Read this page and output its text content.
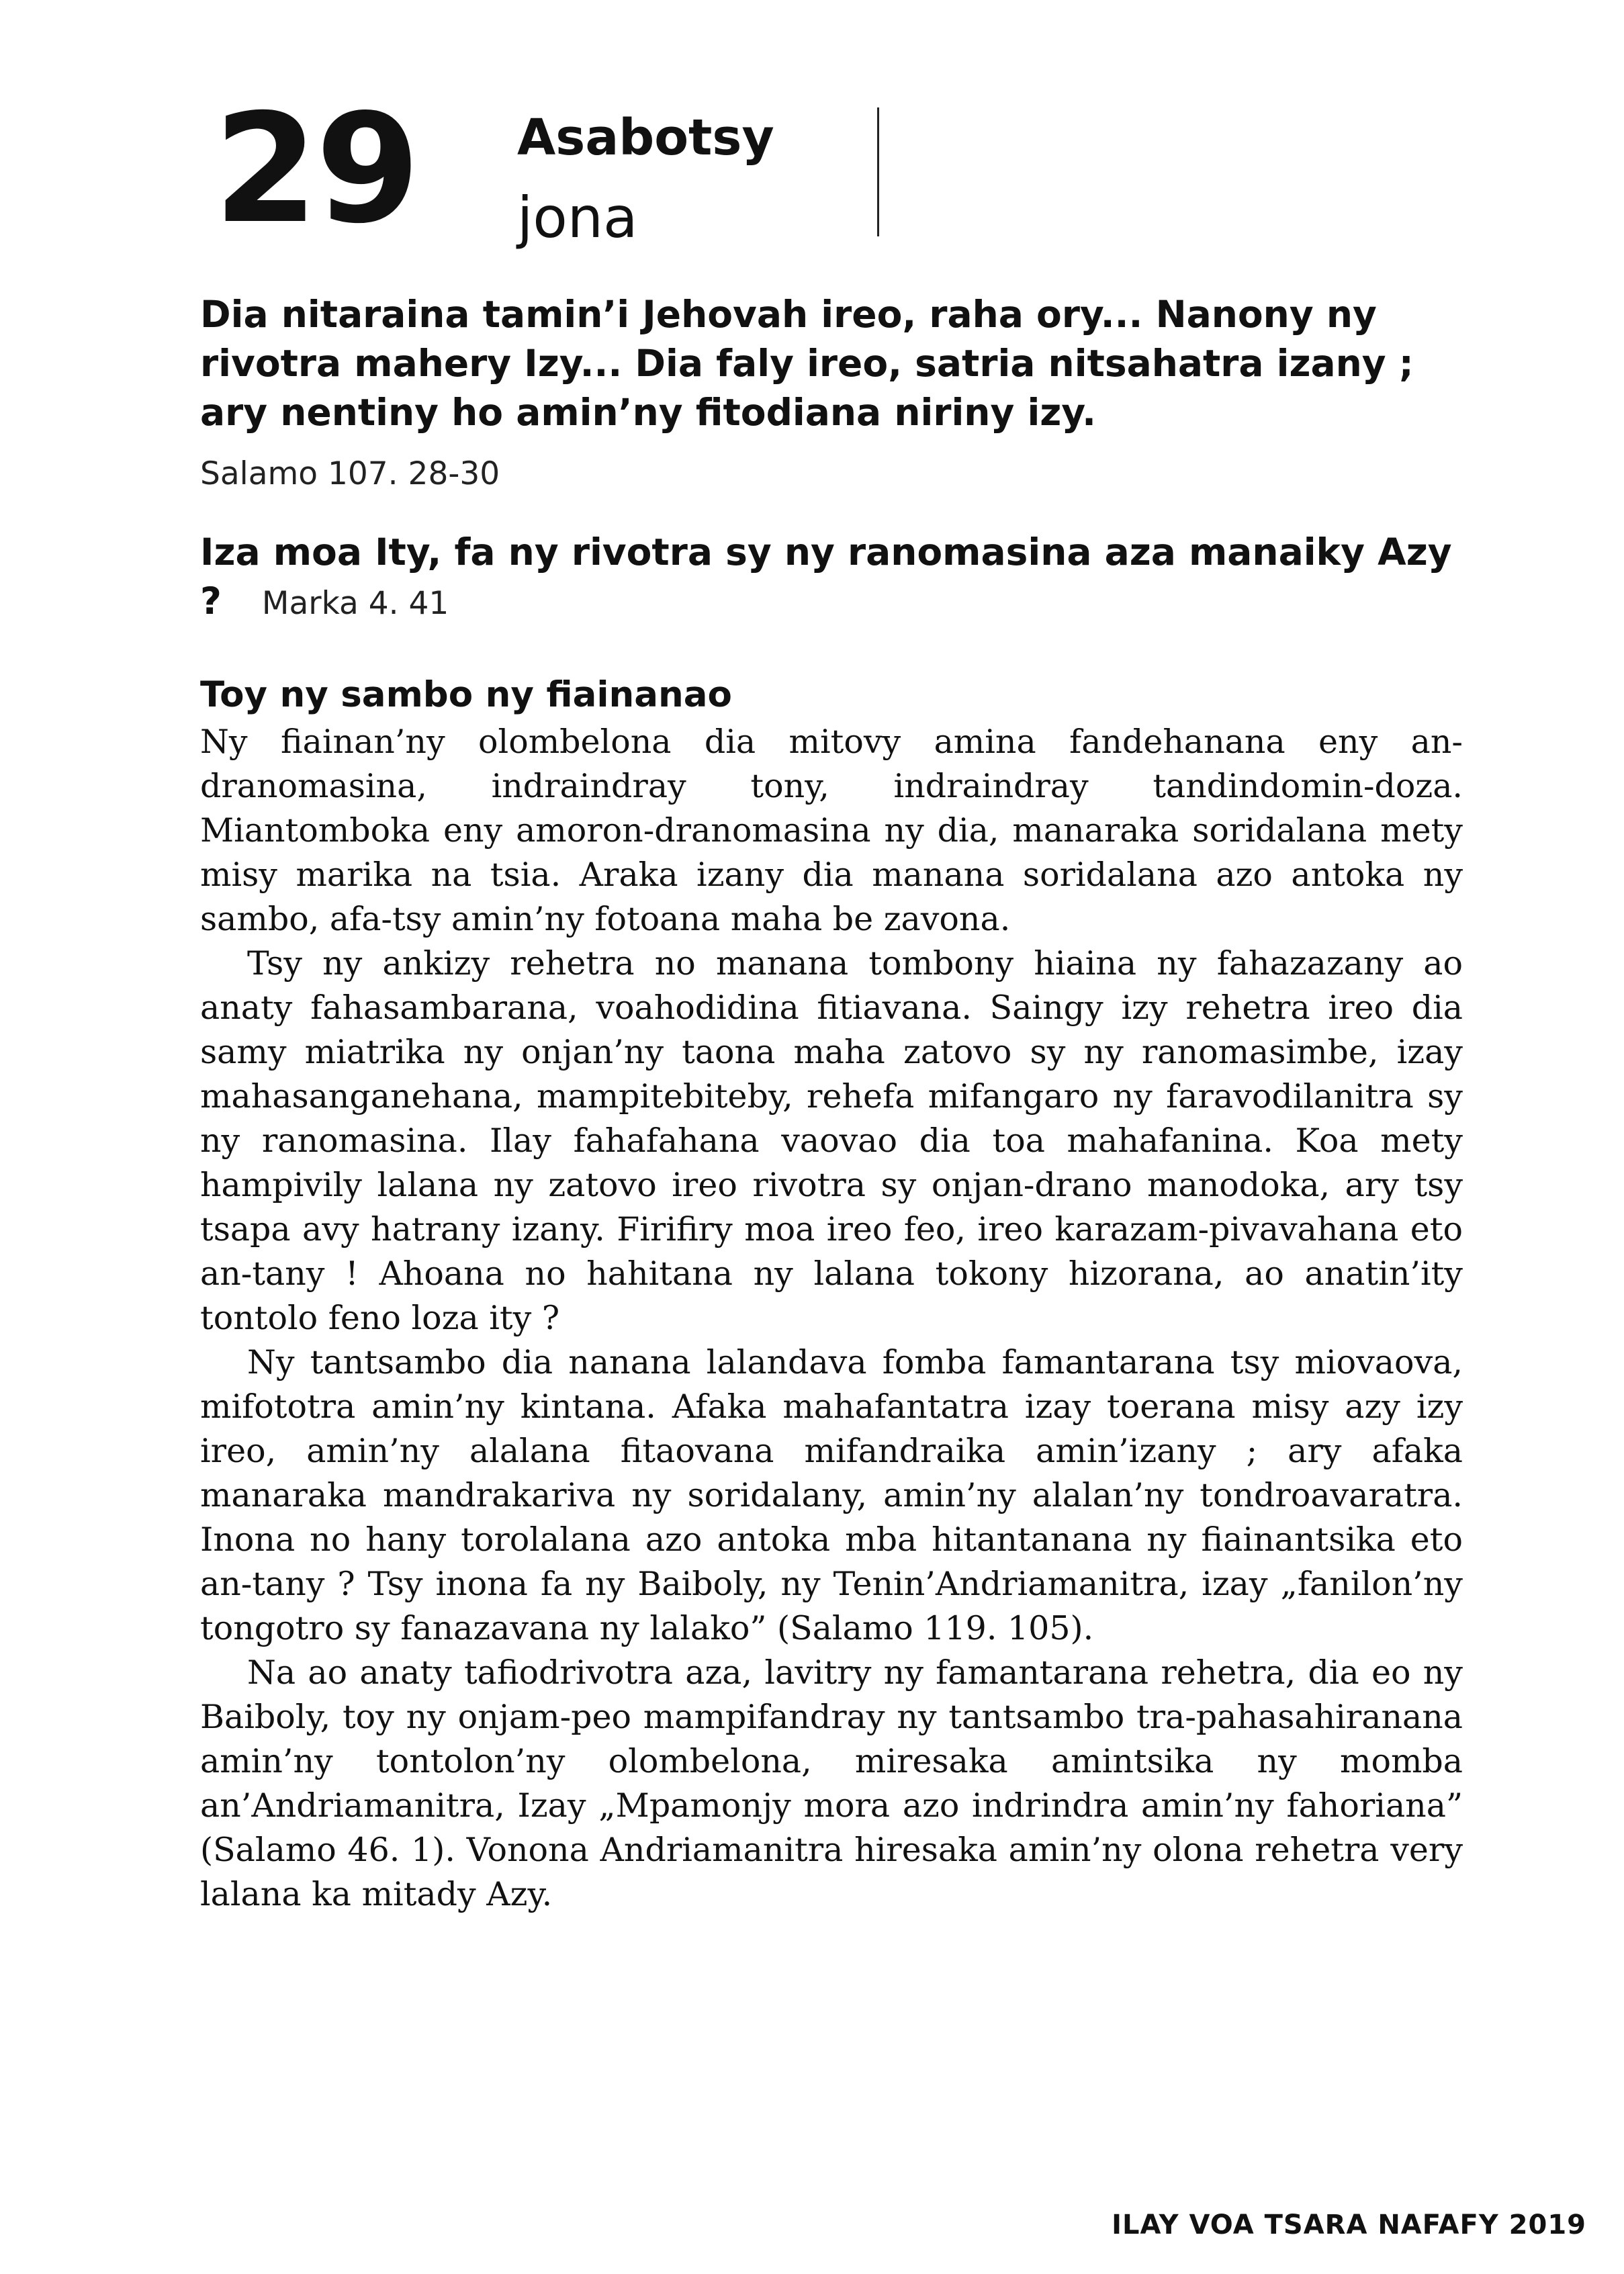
29 Asabotsy
jona

Dia nitaraina tamin’i Jehovah ireo, raha ory... Nanony ny rivotra mahery Izy... Dia faly ireo, satria nitsahatra izany ; ary nentiny ho amin’ny fitodiana niriny izy.

Salamo 107. 28-30

Iza moa Ity, fa ny rivotra sy ny ranomasina aza manaiky Azy ? Marka 4. 41

Toy ny sambo ny fiainanao

Ny fiainan’ny olombelona dia mitovy amina fandehanana eny an-dranomasina, indraindray tony, indraindray tandindomin-doza. Miantomboka eny amoron-dranomasina ny dia, manaraka soridalana mety misy marika na tsia. Araka izany dia manana soridalana azo antoka ny sambo, afa-tsy amin’ny fotoana maha be zavona.

Tsy ny ankizy rehetra no manana tombony hiaina ny fahazazany ao anaty fahasambarana, voahodidina fitiavana. Saingy izy rehetra ireo dia samy miatrika ny onjan’ny taona maha zatovo sy ny ranomasimbe, izay mahasanganehana, mampitebiteby, rehefa mifangaro ny faravodilanitra sy ny ranomasina. Ilay fahafahana vaovao dia toa mahafanina. Koa mety hampivily lalana ny zatovo ireo rivotra sy onjan-drano manodoka, ary tsy tsapa avy hatrany izany. Firifiry moa ireo feo, ireo karazam-pivavahana eto an-tany ! Ahoana no hahitana ny lalana tokony hizorana, ao anatin’ity tontolo feno loza ity ?

Ny tantsambo dia nanana lalandava fomba famantarana tsy miovaova, mifototra amin’ny kintana. Afaka mahafantatra izay toerana misy azy izy ireo, amin’ny alalana fitaovana mifandraika amin’izany ; ary afaka manaraka mandrakariva ny soridalany, amin’ny alalan’ny tondroavaratra. Inona no hany torolalana azo antoka mba hitantanana ny fiainantsika eto an-tany ? Tsy inona fa ny Baiboly, ny Tenin’Andriamanitra, izay „fanilon’ny tongotro sy fanazavana ny lalako” (Salamo 119. 105).

Na ao anaty tafiodrivotra aza, lavitry ny famantarana rehetra, dia eo ny Baiboly, toy ny onjam-peo mampifandray ny tantsambo tra-pahasahiranana amin’ny tontolon’ny olombelona, miresaka amintsika ny momba an’Andriamanitra, Izay „Mpamonjy mora azo indrindra amin’ny fahoriana” (Salamo 46. 1). Vonona Andriamanitra hiresaka amin’ny olona rehetra very lalana ka mitady Azy.

ILAY VOA TSARA NAFAFY 2019
